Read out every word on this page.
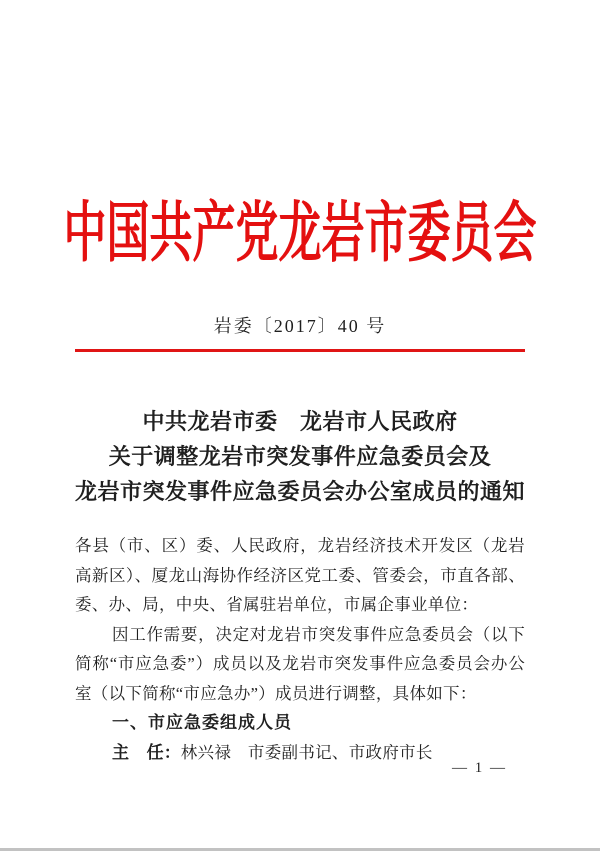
中国共产党龙岩市委员会
岩委〔2017〕40 号
中共龙岩市委　龙岩市人民政府
关于调整龙岩市突发事件应急委员会及
龙岩市突发事件应急委员会办公室成员的通知
各县（市、区）委、人民政府，龙岩经济技术开发区（龙岩
高新区）、厦龙山海协作经济区党工委、管委会，市直各部、
委、办、局，中央、省属驻岩单位，市属企事业单位：
因工作需要，决定对龙岩市突发事件应急委员会（以下
简称“市应急委”）成员以及龙岩市突发事件应急委员会办公
室（以下简称“市应急办”）成员进行调整，具体如下：
一、市应急委组成人员
主　任：林兴禄　市委副书记、市政府市长
— 1 —
